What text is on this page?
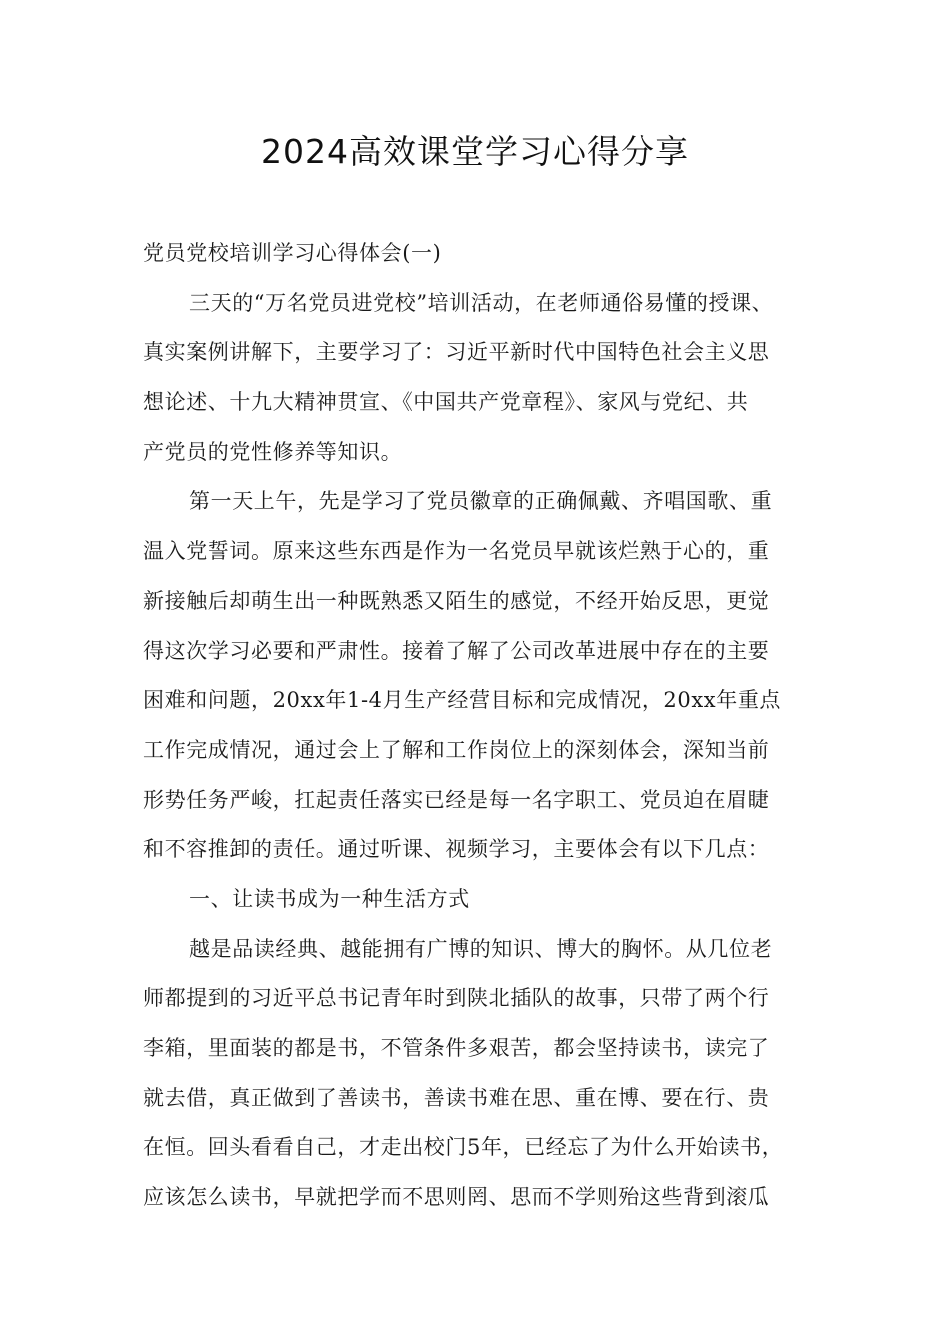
2024高效课堂学习心得分享
党员党校培训学习心得体会(一)
三天的“万名党员进党校”培训活动，在老师通俗易懂的授课、
真实案例讲解下，主要学习了：习近平新时代中国特色社会主义思
想论述、十九大精神贯宣、《中国共产党章程》、家风与党纪、共
产党员的党性修养等知识。
第一天上午，先是学习了党员徽章的正确佩戴、齐唱国歌、重
温入党誓词。原来这些东西是作为一名党员早就该烂熟于心的，重
新接触后却萌生出一种既熟悉又陌生的感觉，不经开始反思，更觉
得这次学习必要和严肃性。接着了解了公司改革进展中存在的主要
困难和问题，20xx年1-4月生产经营目标和完成情况，20xx年重点
工作完成情况，通过会上了解和工作岗位上的深刻体会，深知当前
形势任务严峻，扛起责任落实已经是每一名字职工、党员迫在眉睫
和不容推卸的责任。通过听课、视频学习，主要体会有以下几点：
一、让读书成为一种生活方式
越是品读经典、越能拥有广博的知识、博大的胸怀。从几位老
师都提到的习近平总书记青年时到陕北插队的故事，只带了两个行
李箱，里面装的都是书，不管条件多艰苦，都会坚持读书，读完了
就去借，真正做到了善读书，善读书难在思、重在博、要在行、贵
在恒。回头看看自己，才走出校门5年，已经忘了为什么开始读书，
应该怎么读书，早就把学而不思则罔、思而不学则殆这些背到滚瓜
